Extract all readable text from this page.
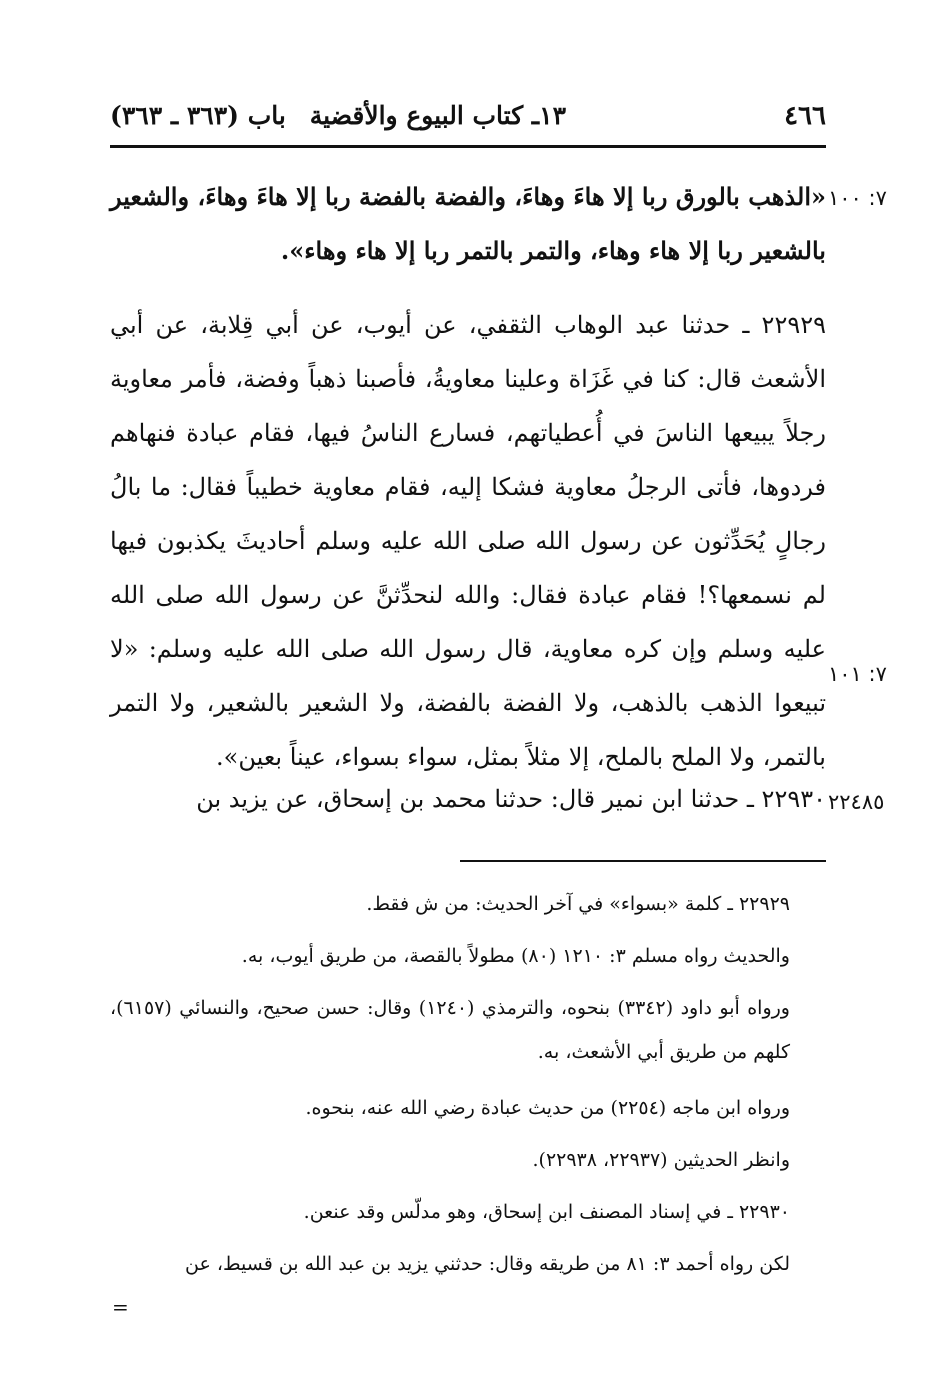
٤٦٦
١٣ـ كتاب البيوع والأقضية
باب (٣٦٣ ـ ٣٦٣)
٧: ١٠٠
«الذهب بالورق ربا إلا هاءَ وهاءَ، والفضة بالفضة ربا إلا هاءَ وهاءَ، والشعير بالشعير ربا إلا هاء وهاء، والتمر بالتمر ربا إلا هاء وهاء».
٢٢٩٢٩ ـ حدثنا عبد الوهاب الثقفي، عن أيوب، عن أبي قِلابة، عن أبي الأشعث قال: كنا في غَزَاة وعلينا معاويةُ، فأصبنا ذهباً وفضة، فأمر معاوية رجلاً يبيعها الناسَ في أُعطياتهم، فسارع الناسُ فيها، فقام عبادة فنهاهم فردوها، فأتى الرجلُ معاوية فشكا إليه، فقام معاوية خطيباً فقال: ما بالُ رجالٍ يُحَدِّثون عن رسول الله صلى الله عليه وسلم أحاديثَ يكذبون فيها لم نسمعها؟! فقام عبادة فقال: والله لنحدِّثنَّ عن رسول الله صلى الله عليه وسلم وإن كره معاوية، قال رسول الله صلى الله عليه وسلم: «لا تبيعوا الذهب بالذهب، ولا الفضة بالفضة، ولا الشعير بالشعير، ولا التمر بالتمر، ولا الملح بالملح، إلا مثلاً بمثل، سواء بسواء، عيناً بعين».
٧: ١٠١
٢٢٤٨٥
٢٢٩٣٠ ـ حدثنا ابن نمير قال: حدثنا محمد بن إسحاق، عن يزيد بن
٢٢٩٢٩ ـ كلمة «بسواء» في آخر الحديث: من ش فقط.
والحديث رواه مسلم ٣: ١٢١٠ (٨٠) مطولاً بالقصة، من طريق أيوب، به.
ورواه أبو داود (٣٣٤٢) بنحوه، والترمذي (١٢٤٠) وقال: حسن صحيح، والنسائي (٦١٥٧)، كلهم من طريق أبي الأشعث، به.
ورواه ابن ماجه (٢٢٥٤) من حديث عبادة رضي الله عنه، بنحوه.
وانظر الحديثين (٢٢٩٣٧، ٢٢٩٣٨).
٢٢٩٣٠ ـ في إسناد المصنف ابن إسحاق، وهو مدلّس وقد عنعن.
لكن رواه أحمد ٣: ٨١ من طريقه وقال: حدثني يزيد بن عبد الله بن قسيط، عن
=
